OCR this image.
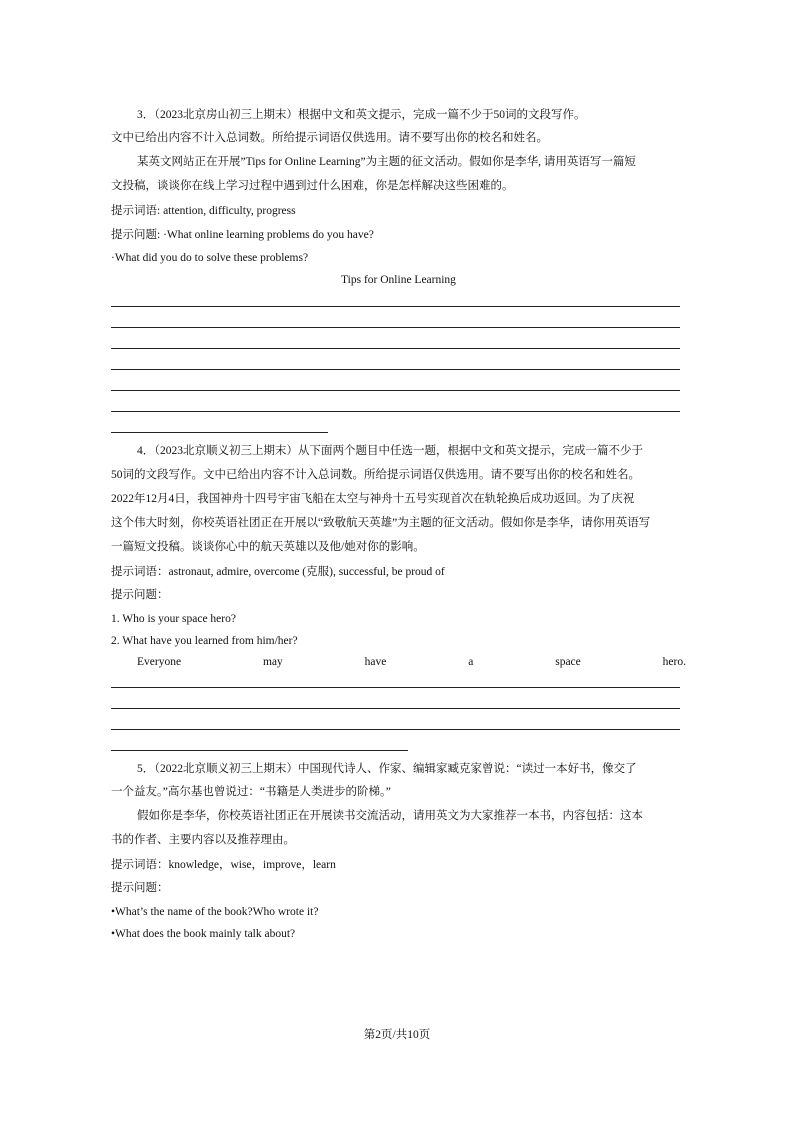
3．（2023北京房山初三上期末）根据中文和英文提示，完成一篇不少于50词的文段写作。
文中已给出内容不计入总词数。所给提示词语仅供选用。请不要写出你的校名和姓名。
某英文网站正在开展”Tips for Online Learning”为主题的征文活动。假如你是李华, 请用英语写一篇短
文投稿，谈谈你在线上学习过程中遇到过什么困难，你是怎样解决这些困难的。
提示词语: attention, difficulty, progress
提示问题: ·What online learning problems do you have?
·What did you do to solve these problems?
Tips for Online Learning
4．（2023北京顺义初三上期末）从下面两个题目中任选一题，根据中文和英文提示，完成一篇不少于
50词的文段写作。文中已给出内容不计入总词数。所给提示词语仅供选用。请不要写出你的校名和姓名。
2022年12月4日，我国神舟十四号宇宙飞船在太空与神舟十五号实现首次在轨轮换后成功返回。为了庆祝
这个伟大时刻，你校英语社团正在开展以“致敬航天英雄”为主题的征文活动。假如你是李华，请你用英语写
一篇短文投稿。谈谈你心中的航天英雄以及他/她对你的影响。
提示词语：astronaut, admire, overcome (克服), successful, be proud of
提示问题：
1. Who is your space hero?
2. What have you learned from him/her?
Everyone	may	have	a	space	hero.
5．（2022北京顺义初三上期末）中国现代诗人、作家、编辑家臧克家曾说：“读过一本好书，像交了
一个益友。”高尔基也曾说过：“书籍是人类进步的阶梯。”
假如你是李华，你校英语社团正在开展读书交流活动，请用英文为大家推荐一本书，内容包括：这本
书的作者、主要内容以及推荐理由。
提示词语：knowledge，wise，improve，learn
提示问题：
•What’s the name of the book?Who wrote it?
•What does the book mainly talk about?
第2页/共10页
